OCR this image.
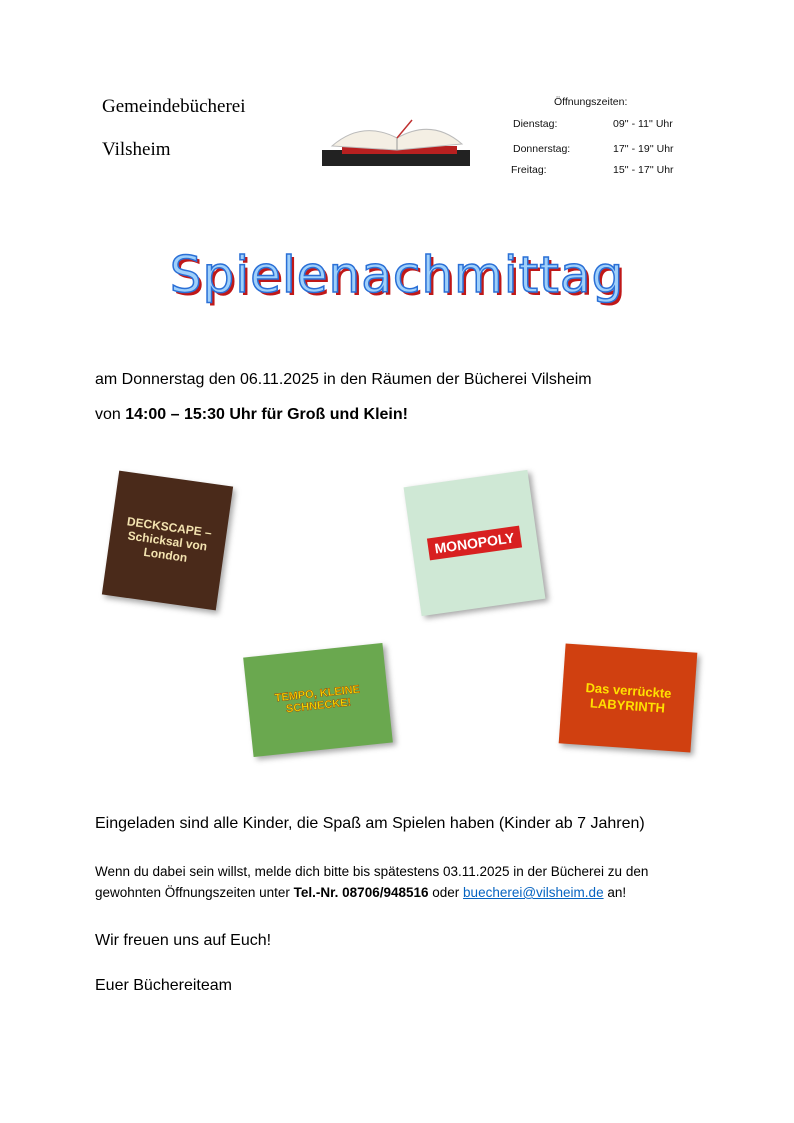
Gemeindebücherei
Vilsheim
Öffnungszeiten:
Dienstag:	09'' - 11'' Uhr
Donnerstag:	17'' - 19'' Uhr
Freitag:	15'' - 17'' Uhr
Spielenachmittag
am Donnerstag den 06.11.2025 in den Räumen der Bücherei Vilsheim
von 14:00 – 15:30 Uhr für Groß und Klein!
DECKSCAPE – Schicksal von London	MONOPOLY
TEMPO, KLEINE SCHNECKE!
Das verrückte LABYRINTH
Eingeladen sind alle Kinder, die Spaß am Spielen haben (Kinder ab 7 Jahren)
Wenn du dabei sein willst, melde dich bitte bis spätestens 03.11.2025 in der Bücherei zu den gewohnten Öffnungszeiten unter Tel.-Nr. 08706/948516 oder buecherei@vilsheim.de an!
Wir freuen uns auf Euch!
Euer Büchereiteam
